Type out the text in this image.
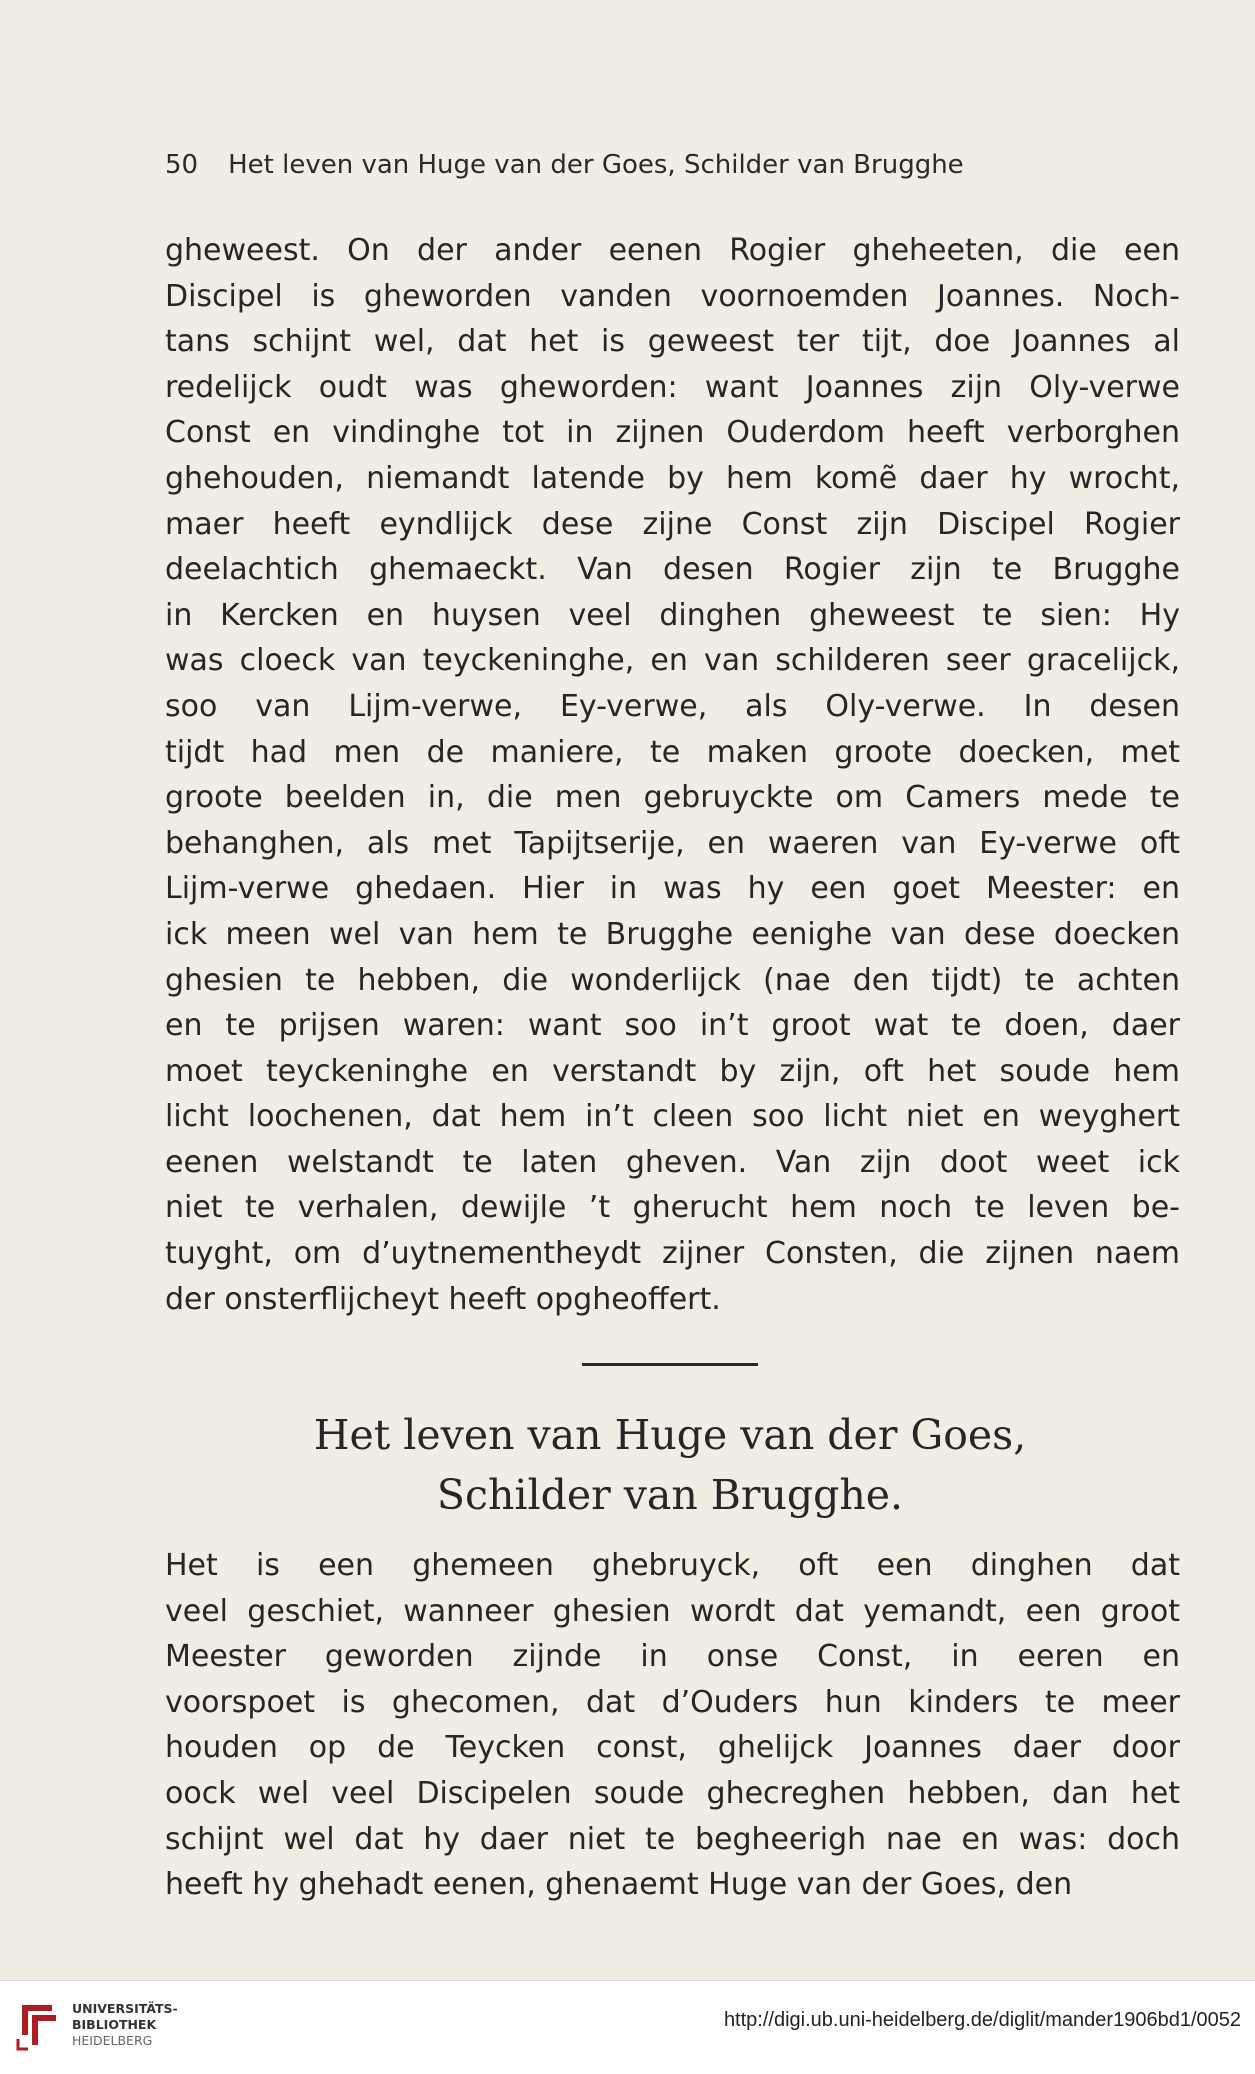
50 Het leven van Huge van der Goes, Schilder van Brugghe
gheweest. On der ander eenen Rogier gheheeten, die een
Discipel is gheworden vanden voornoemden Joannes. Noch-
tans schijnt wel, dat het is geweest ter tijt, doe Joannes al
redelijck oudt was gheworden: want Joannes zijn Oly-verwe
Const en vindinghe tot in zijnen Ouderdom heeft verborghen
ghehouden, niemandt latende by hem komẽ daer hy wrocht,
maer heeft eyndlijck dese zijne Const zijn Discipel Rogier
deelachtich ghemaeckt. Van desen Rogier zijn te Brugghe
in Kercken en huysen veel dinghen gheweest te sien: Hy
was cloeck van teyckeninghe, en van schilderen seer gracelijck,
soo van Lijm-verwe, Ey-verwe, als Oly-verwe. In desen
tijdt had men de maniere, te maken groote doecken, met
groote beelden in, die men gebruyckte om Camers mede te
behanghen, als met Tapijtserije, en waeren van Ey-verwe oft
Lijm-verwe ghedaen. Hier in was hy een goet Meester: en
ick meen wel van hem te Brugghe eenighe van dese doecken
ghesien te hebben, die wonderlijck (nae den tijdt) te achten
en te prijsen waren: want soo in’t groot wat te doen, daer
moet teyckeninghe en verstandt by zijn, oft het soude hem
licht loochenen, dat hem in’t cleen soo licht niet en weyghert
eenen welstandt te laten gheven. Van zijn doot weet ick
niet te verhalen, dewijle ’t gherucht hem noch te leven be-
tuyght, om d’uytnementheydt zijner Consten, die zijnen naem
der onsterflijcheyt heeft opgheoffert.
Het leven van Huge van der Goes,
Schilder van Brugghe.
Het is een ghemeen ghebruyck, oft een dinghen dat
veel geschiet, wanneer ghesien wordt dat yemandt, een groot
Meester geworden zijnde in onse Const, in eeren en
voorspoet is ghecomen, dat d’Ouders hun kinders te meer
houden op de Teycken const, ghelijck Joannes daer door
oock wel veel Discipelen soude ghecreghen hebben, dan het
schijnt wel dat hy daer niet te begheerigh nae en was: doch
heeft hy ghehadt eenen, ghenaemt Huge van der Goes, den
UNIVERSITÄTS-
BIBLIOTHEK
HEIDELBERG
http://digi.ub.uni-heidelberg.de/diglit/mander1906bd1/0052
